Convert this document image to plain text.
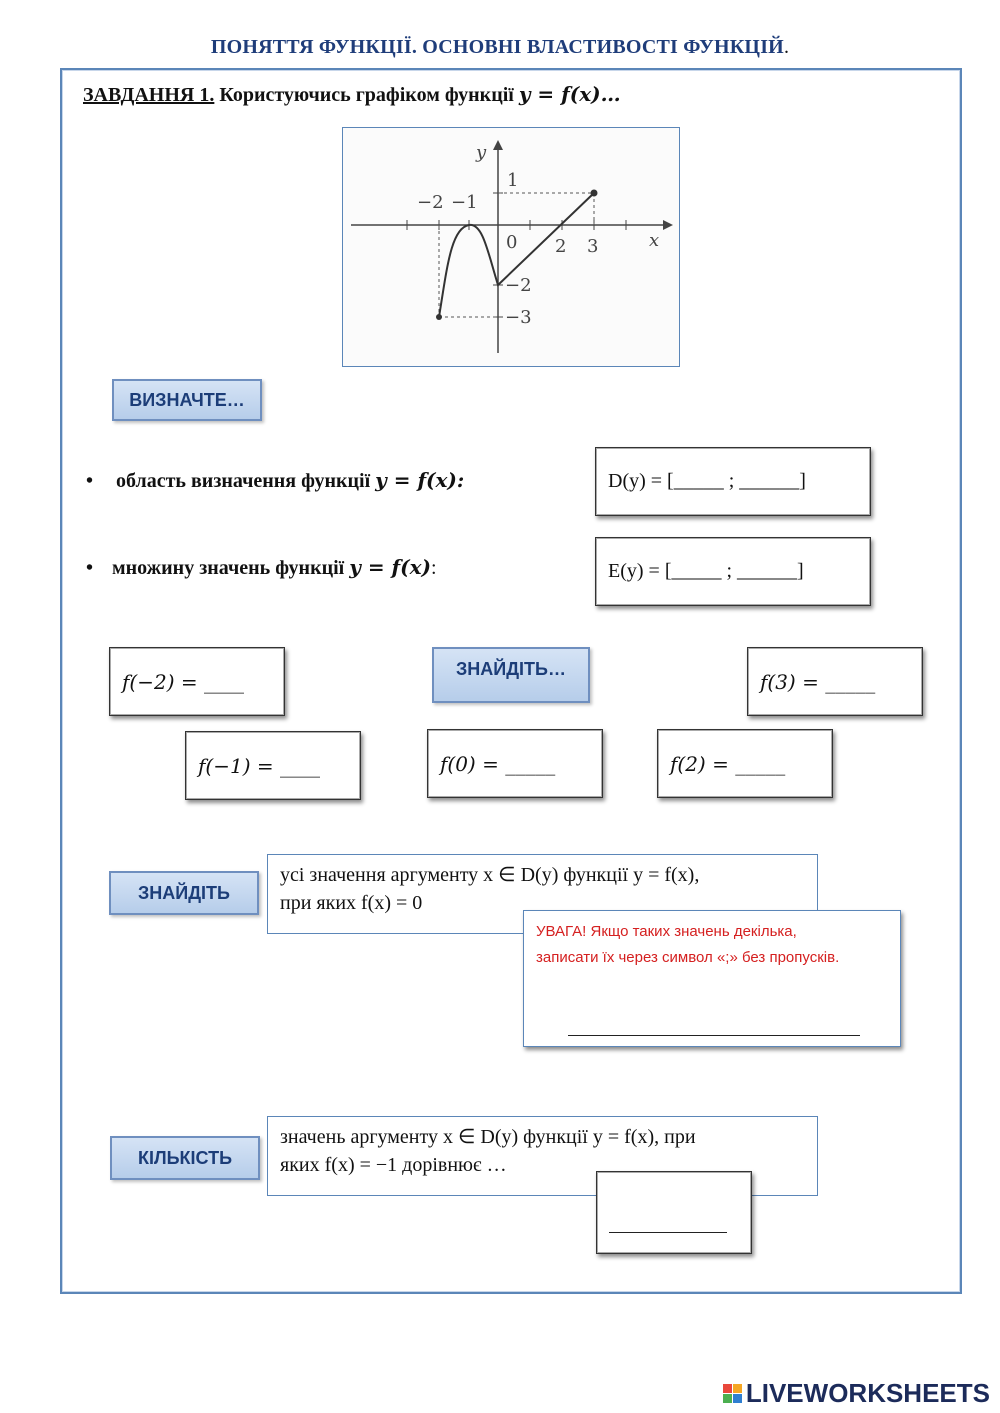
ПОНЯТТЯ ФУНКЦІЇ. ОСНОВНІ ВЛАСТИВОСТІ ФУНКЦІЙ.
ЗАВДАННЯ 1. Користуючись графіком функції y = f(x)…
y
x
−2 −1
0 2 3
1
−2
−3
ВИЗНАЧТЕ…
• область визначення функції y = f(x):	D(y) = [_____ ; ______]
• множину значень функції y = f(x):	E(y) = [_____ ; ______]
f(−2) = ____
ЗНАЙДІТЬ…
f(3) = _____
f(−1) = ____	f(0) = _____	f(2) = _____
ЗНАЙДІТЬ
усі значення аргументу x ∈ D(y) функції y = f(x),
при яких f(x) = 0
УВАГА! Якщо таких значень декілька,
записати їх через символ «;» без пропусків.
КІЛЬКІСТЬ
значень аргументу x ∈ D(y) функції y = f(x), при
яких f(x) = −1 дорівнює …
LIVEWORKSHEETS
